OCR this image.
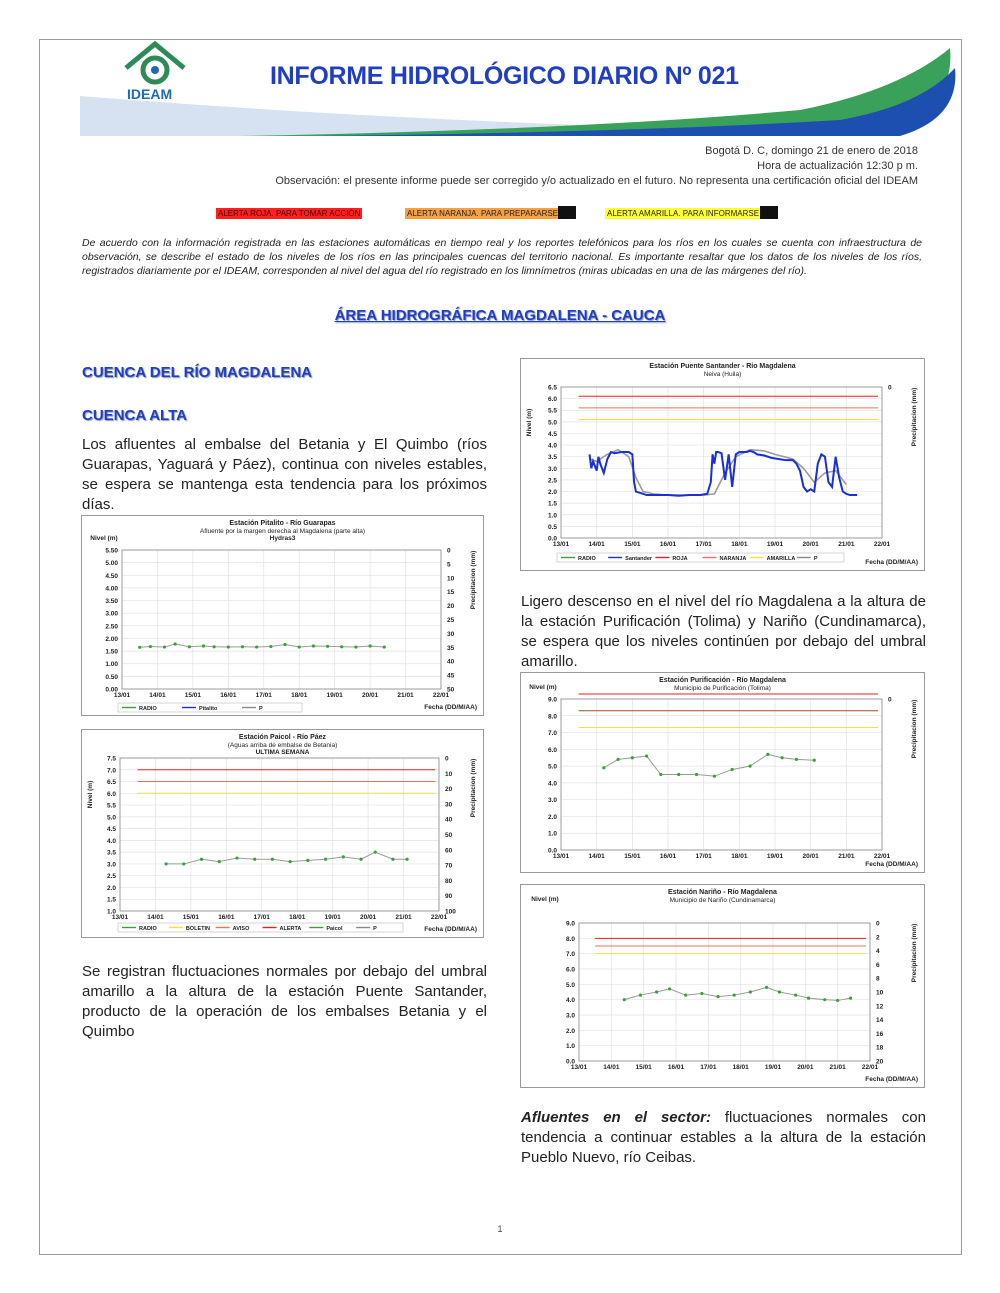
IDEAM
INFORME HIDROLÓGICO DIARIO Nº 021
Bogotá D. C, domingo 21 de enero de 2018
Hora de actualización 12:30 p m.
Observación: el presente informe puede ser corregido y/o actualizado en el futuro. No representa una certificación oficial del IDEAM
ALERTA ROJA. PARA TOMAR ACCIÓN	ALERTA NARANJA. PARA PREPARARSE	ALERTA AMARILLA. PARA INFORMARSE
De acuerdo con la información registrada en las estaciones automáticas en tiempo real y los reportes telefónicos para los ríos en los cuales se cuenta con infraestructura de observación, se describe el estado de los niveles de los ríos en las principales cuencas del territorio nacional. Es importante resaltar que los datos de los niveles de los ríos, registrados diariamente por el IDEAM, corresponden al nivel del agua del río registrado en los limnímetros (miras ubicadas en una de las márgenes del río).
ÁREA HIDROGRÁFICA MAGDALENA - CAUCA
CUENCA DEL RÍO MAGDALENA
CUENCA ALTA
Los afluentes al embalse del Betania y El Quimbo (ríos Guarapas, Yaguará y Páez), continua con niveles estables, se espera se mantenga esta tendencia para los próximos días.
Se registran fluctuaciones normales por debajo del umbral amarillo a la altura de la estación Puente Santander, producto de la operación de los embalses Betania y el Quimbo
Ligero descenso en el nivel del río Magdalena a la altura de la estación Purificación (Tolima) y Nariño (Cundinamarca), se espera que los niveles continúen por debajo del umbral amarillo.
Afluentes en el sector: fluctuaciones normales con tendencia a continuar estables a la altura de la estación Pueblo Nuevo, río Ceibas.
Estación Pitalito - Río Guarapas
Afluente por la margen derecha al Magdalena (parte alta)
Hydras3
0.00
0.50
1.00
1.50
2.00
2.50
3.00
3.50
4.00
4.50
5.00
5.50	0
5
10
15
20
25
30
35
40
45
50
13/01	14/01	15/01	16/01	17/01	18/01	19/01	20/01	21/01	22/01
Nivel (m)
Precipitacion (mm)
Fecha (DD/M/AA)
RADIO	Pitalito	P
Estación Paicol - Río Páez
(Aguas arriba de embalse de Betania)
ULTIMA SEMANA
1.0
1.5
2.0
2.5
3.0
3.5
4.0
4.5
5.0
5.5
6.0
6.5
7.0
7.5	0
10
20
30
40
50
60
70
80
90
100
13/01	14/01	15/01	16/01	17/01	18/01	19/01	20/01	21/01	22/01
Nivel (m)	Precipitacion (mm)
Fecha (DD/M/AA)
RADIO	BOLETIN	AVISO	ALERTA	Paicol	P
Estación Puente Santander - Río Magdalena
Neiva (Huila)
0.0
0.5
1.0
1.5
2.0
2.5
3.0
3.5
4.0
4.5
5.0
5.5
6.0
6.5	0
13/01	14/01	15/01	16/01	17/01	18/01	19/01	20/01	21/01	22/01
Nivel (m)	Precipitacion (mm)
Fecha (DD/M/AA)
RADIO	Santander	ROJA	NARANJA	AMARILLA	P
Estación Purificación - Río Magdalena
Municipio de Purificación (Tolima)
0.0
1.0
2.0
3.0
4.0
5.0
6.0
7.0
8.0
9.0	0
13/01	14/01	15/01	16/01	17/01	18/01	19/01	20/01	21/01	22/01
Nivel (m)
Precipitacion (mm)
Fecha (DD/M/AA)
Estación Nariño - Río Magdalena
Municipio de Nariño (Cundinamarca)
0.0
1.0
2.0
3.0
4.0
5.0
6.0
7.0
8.0
9.0	0
2
4
6
8
10
12
14
16
18
20
13/01 14/01 15/01 16/01 17/01 18/01 19/01 20/01 21/01 22/01
Nivel (m)
Precipitacion (mm)
Fecha (DD/M/AA)
1
